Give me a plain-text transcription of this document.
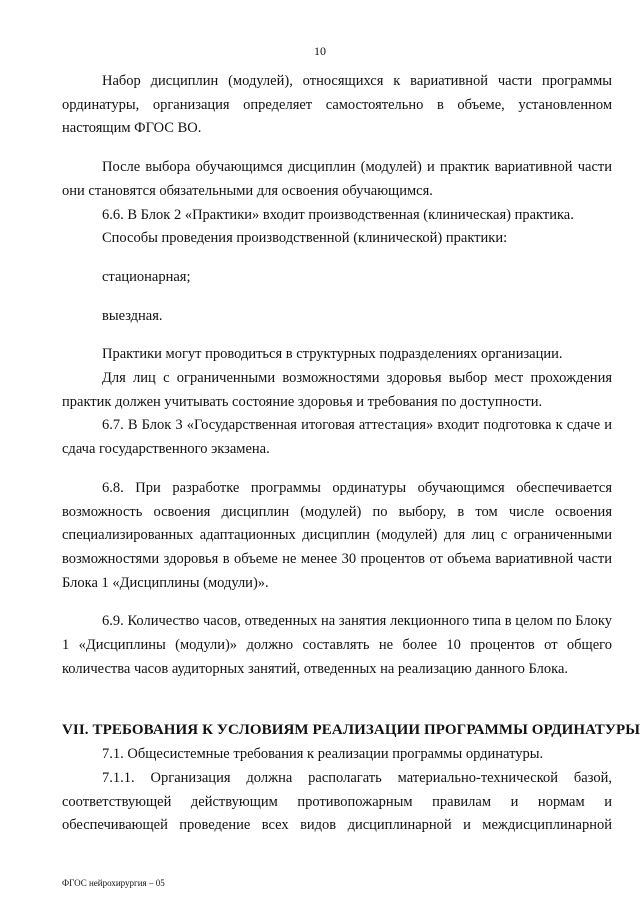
10

Набор дисциплин (модулей), относящихся к вариативной части программы ординатуры, организация определяет самостоятельно в объеме, установленном настоящим ФГОС ВО.

После выбора обучающимся дисциплин (модулей) и практик вариативной части они становятся обязательными для освоения обучающимся.

6.6. В Блок 2 «Практики» входит производственная (клиническая) практика.

Способы проведения производственной (клинической) практики:

стационарная;

выездная.

Практики могут проводиться в структурных подразделениях организации.

Для лиц с ограниченными возможностями здоровья выбор мест прохождения практик должен учитывать состояние здоровья и требования по доступности.

6.7. В Блок 3 «Государственная итоговая аттестация» входит подготовка к сдаче и сдача государственного экзамена.

6.8. При разработке программы ординатуры обучающимся обеспечивается возможность освоения дисциплин (модулей) по выбору, в том числе освоения специализированных адаптационных дисциплин (модулей) для лиц с ограниченными возможностями здоровья в объеме не менее 30 процентов от объема вариативной части Блока 1 «Дисциплины (модули)».

6.9. Количество часов, отведенных на занятия лекционного типа в целом по Блоку 1 «Дисциплины (модули)» должно составлять не более 10 процентов от общего количества часов аудиторных занятий, отведенных на реализацию данного Блока.

VII. ТРЕБОВАНИЯ К УСЛОВИЯМ РЕАЛИЗАЦИИ ПРОГРАММЫ ОРДИНАТУРЫ

7.1. Общесистемные требования к реализации программы ординатуры.

7.1.1. Организация должна располагать материально-технической базой, соответствующей действующим противопожарным правилам и нормам и обеспечивающей проведение всех видов дисциплинарной и междисциплинарной

ФГОС нейрохирургия – 05
